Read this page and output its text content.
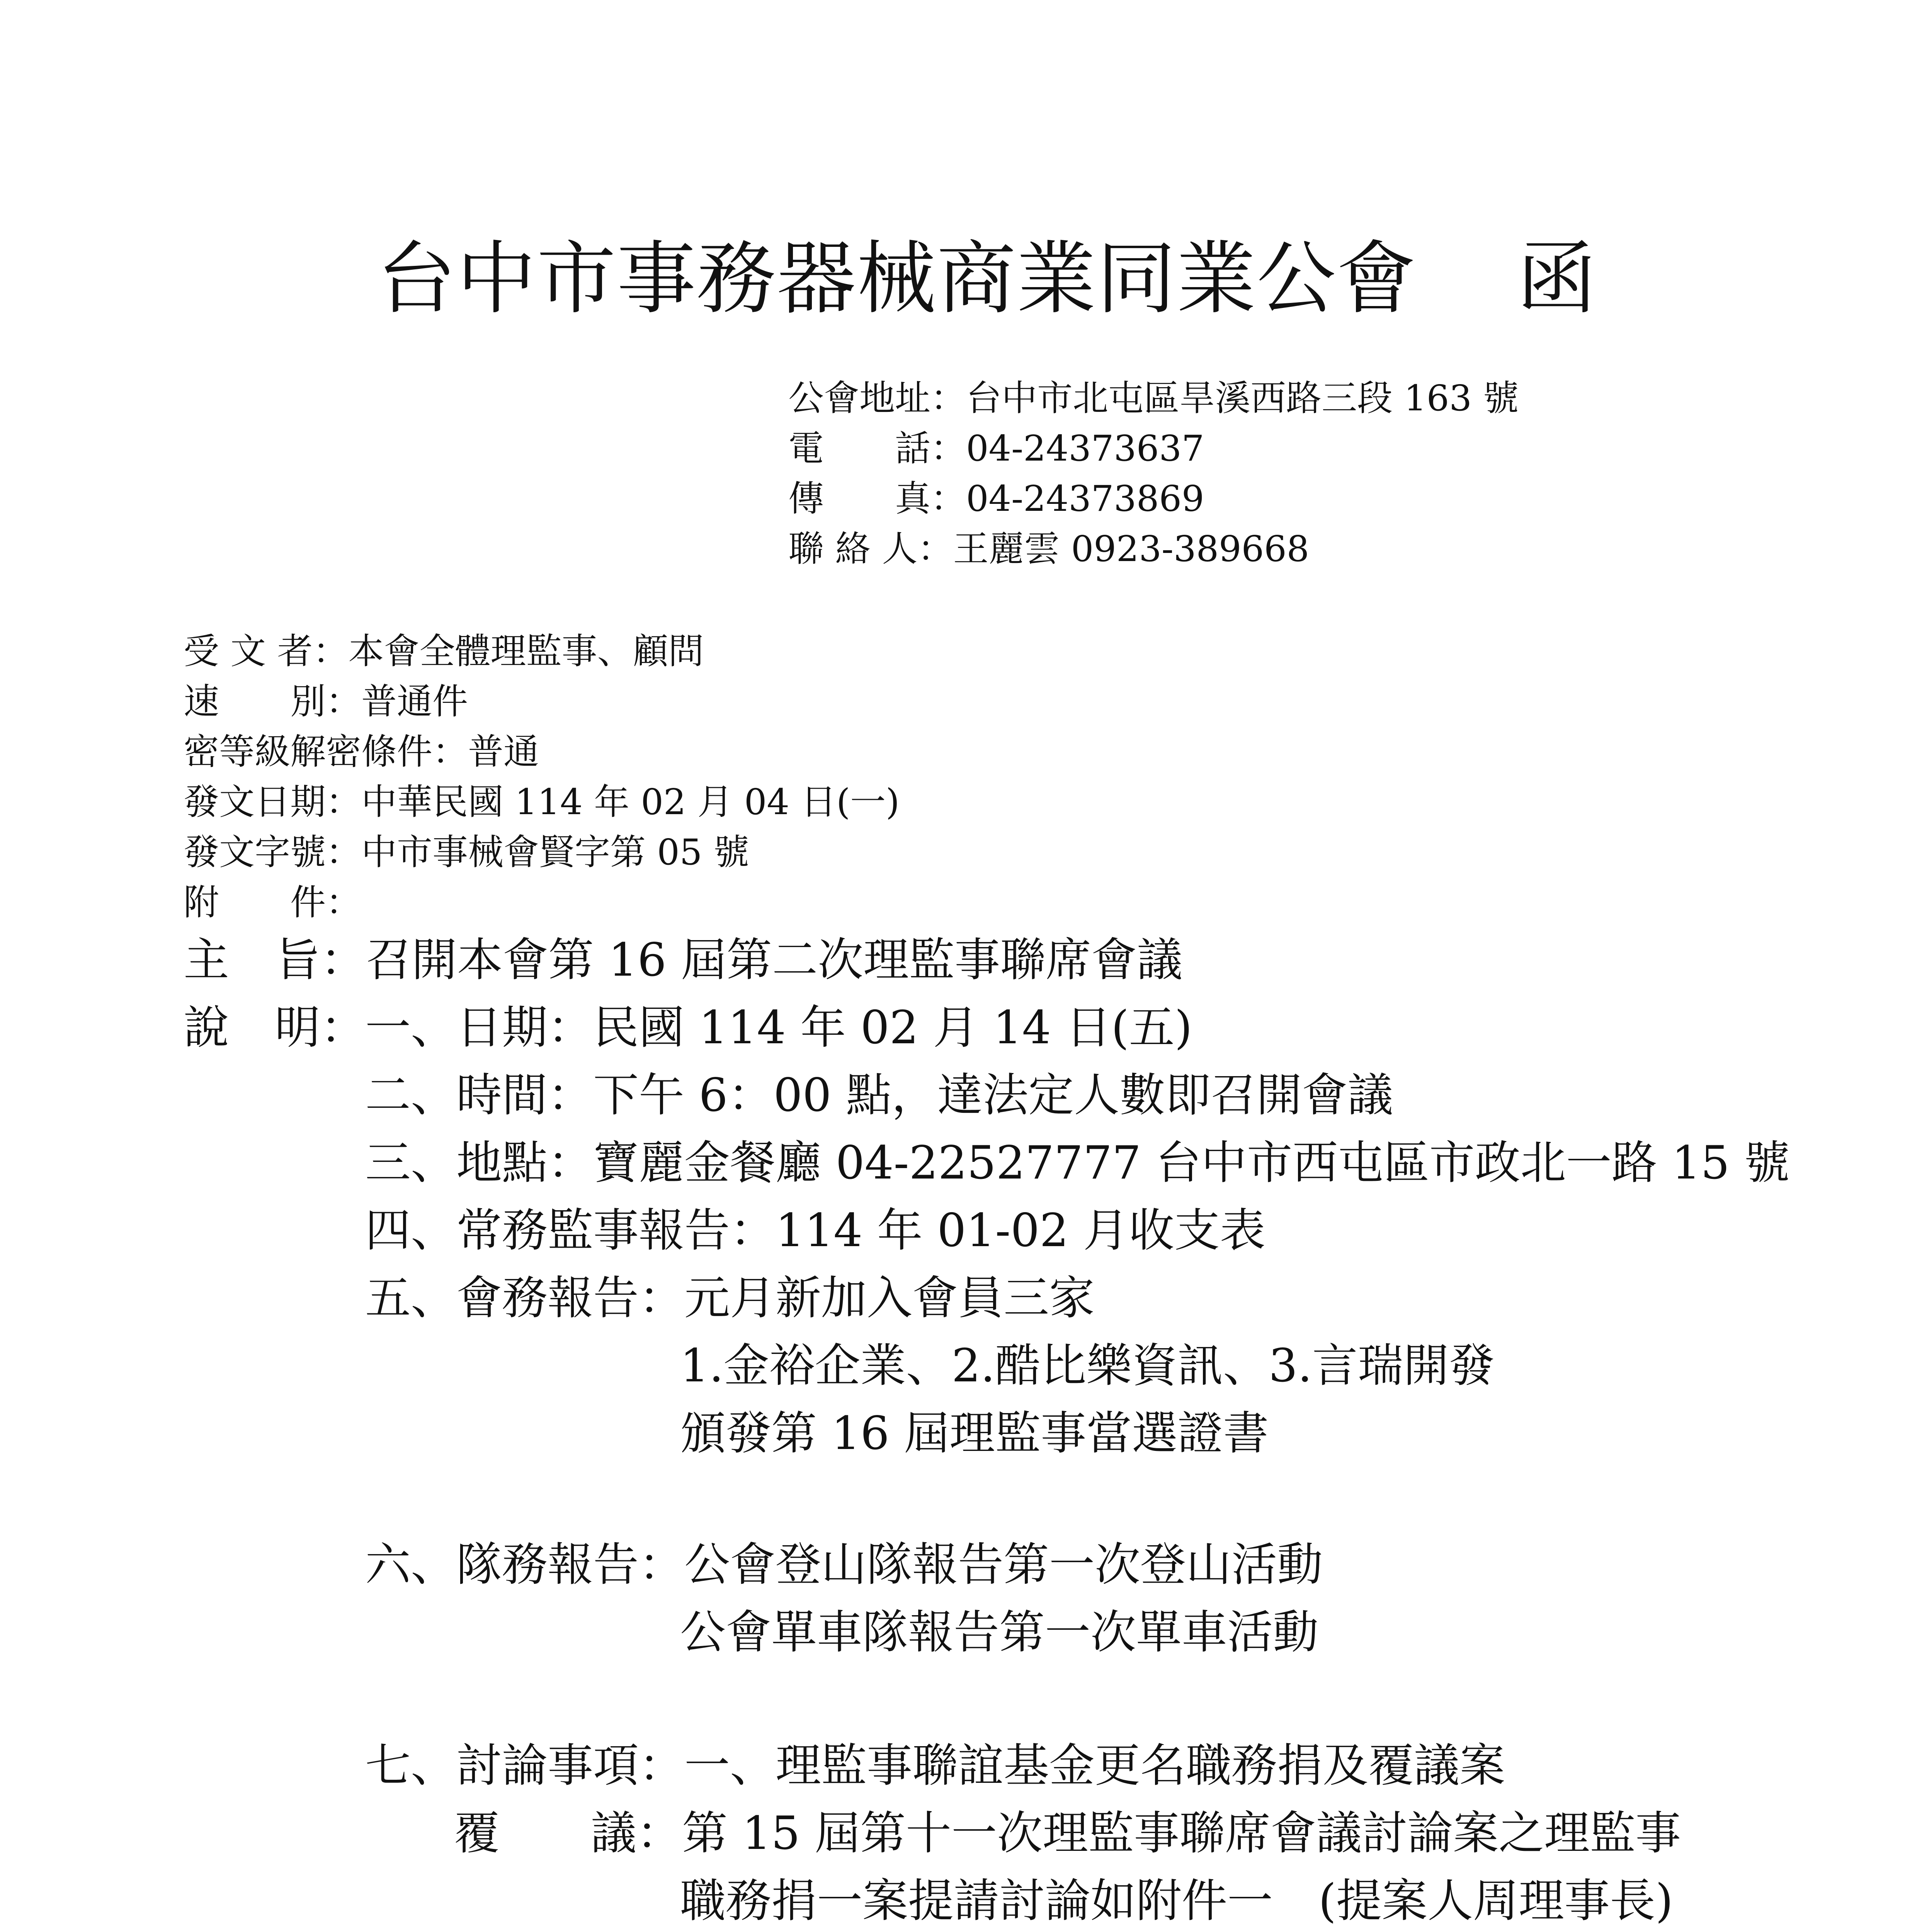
台中市事務器械商業同業公會 函
公會地址：台中市北屯區旱溪西路三段 163 號
電　　話：04-24373637
傳　　真：04-24373869
聯 絡 人：王麗雲 0923-389668
受 文 者：本會全體理監事、顧問
速　　別：普通件
密等級解密條件：普通
發文日期：中華民國 114 年 02 月 04 日(一)
發文字號：中市事械會賢字第 05 號
附　　件：
主　旨：召開本會第 16 屆第二次理監事聯席會議
說　明：
一、日期：民國 114 年 02 月 14 日(五)
二、時間：下午 6：00 點，達法定人數即召開會議
三、地點：寶麗金餐廳 04-22527777 台中市西屯區市政北一路 15 號
四、常務監事報告：114 年 01-02 月收支表
五、會務報告：元月新加入會員三家
1.金裕企業、2.酷比樂資訊、3.言瑞開發
頒發第 16 屆理監事當選證書
六、隊務報告：公會登山隊報告第一次登山活動
公會單車隊報告第一次單車活動
七、討論事項：一、理監事聯誼基金更名職務捐及覆議案
覆　　議：第 15 屆第十一次理監事聯席會議討論案之理監事
職務捐一案提請討論如附件一　(提案人周理事長)
